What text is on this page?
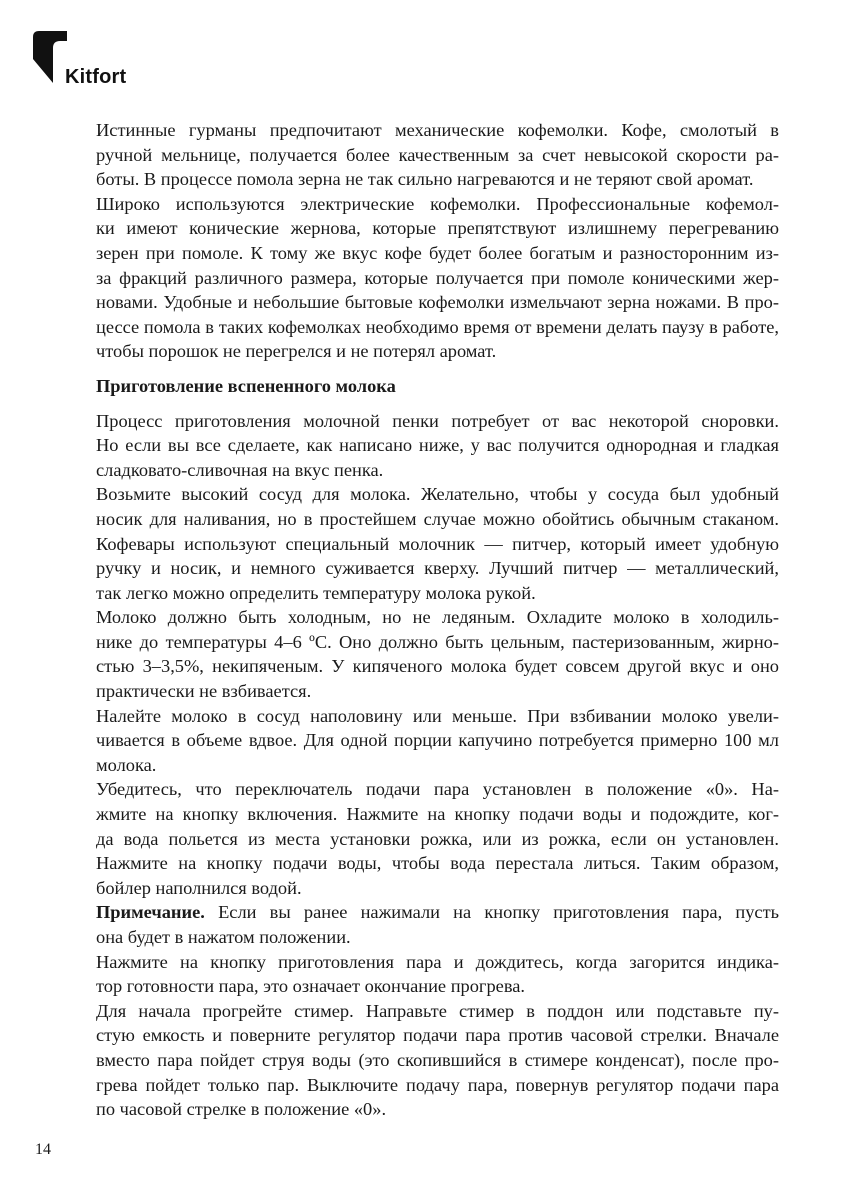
Kitfort

Истинные гурманы предпочитают механические кофемолки. Кофе, смолотый в
ручной мельнице, получается более качественным за счет невысокой скорости ра-
боты. В процессе помола зерна не так сильно нагреваются и не теряют свой аромат.

Широко используются электрические кофемолки. Профессиональные кофемол-
ки имеют конические жернова, которые препятствуют излишнему перегреванию
зерен при помоле. К тому же вкус кофе будет более богатым и разносторонним из-
за фракций различного размера, которые получается при помоле коническими жер-
новами. Удобные и небольшие бытовые кофемолки измельчают зерна ножами. В про-
цессе помола в таких кофемолках необходимо время от времени делать паузу в работе,
чтобы порошок не перегрелся и не потерял аромат.

Приготовление вспененного молока

Процесс приготовления молочной пенки потребует от вас некоторой сноровки.
Но если вы все сделаете, как написано ниже, у вас получится однородная и гладкая
сладковато-сливочная на вкус пенка.

Возьмите высокий сосуд для молока. Желательно, чтобы у сосуда был удобный
носик для наливания, но в простейшем случае можно обойтись обычным стаканом.
Кофевары используют специальный молочник — питчер, который имеет удобную
ручку и носик, и немного суживается кверху. Лучший питчер — металлический,
так легко можно определить температуру молока рукой.

Молоко должно быть холодным, но не ледяным. Охладите молоко в холодиль-
нике до температуры 4–6 ºС. Оно должно быть цельным, пастеризованным, жирно-
стью 3–3,5%, некипяченым. У кипяченого молока будет совсем другой вкус и оно
практически не взбивается.

Налейте молоко в сосуд наполовину или меньше. При взбивании молоко увели-
чивается в объеме вдвое. Для одной порции капучино потребуется примерно 100 мл
молока.

Убедитесь, что переключатель подачи пара установлен в положение «0». На-
жмите на кнопку включения. Нажмите на кнопку подачи воды и подождите, ког-
да вода польется из места установки рожка, или из рожка, если он установлен.
Нажмите на кнопку подачи воды, чтобы вода перестала литься. Таким образом,
бойлер наполнился водой.

Примечание. Если вы ранее нажимали на кнопку приготовления пара, пусть
она будет в нажатом положении.

Нажмите на кнопку приготовления пара и дождитесь, когда загорится индика-
тор готовности пара, это означает окончание прогрева.

Для начала прогрейте стимер. Направьте стимер в поддон или подставьте пу-
стую емкость и поверните регулятор подачи пара против часовой стрелки. Вначале
вместо пара пойдет струя воды (это скопившийся в стимере конденсат), после про-
грева пойдет только пар. Выключите подачу пара, повернув регулятор подачи пара
по часовой стрелке в положение «0».

14
